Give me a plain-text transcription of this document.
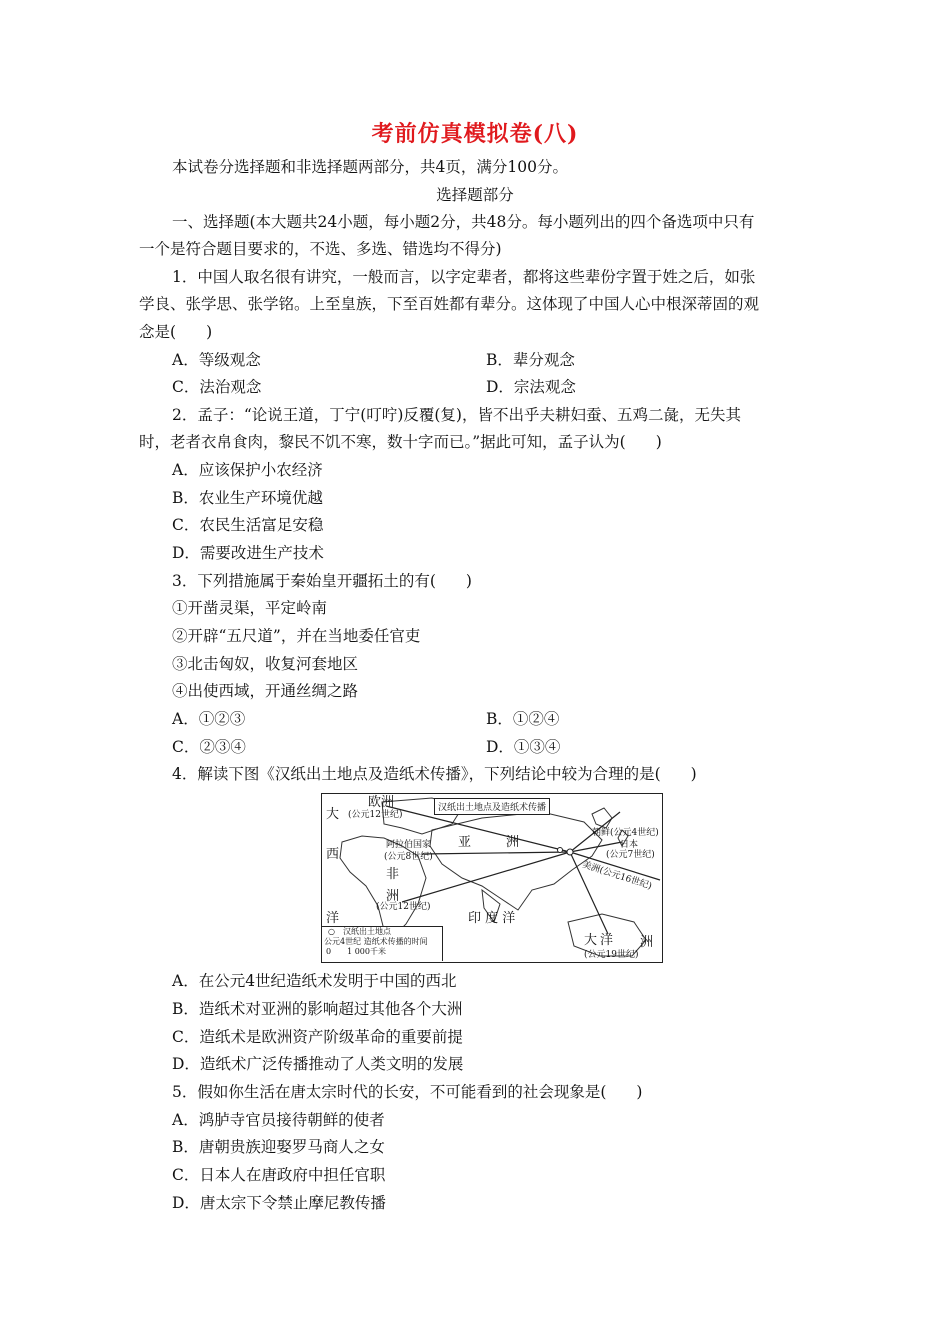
考前仿真模拟卷(八)
本试卷分选择题和非选择题两部分，共4页，满分100分。
选择题部分
一、选择题(本大题共24小题，每小题2分，共48分。每小题列出的四个备选项中只有
一个是符合题目要求的，不选、多选、错选均不得分)
1．中国人取名很有讲究，一般而言，以字定辈者，都将这些辈份字置于姓之后，如张
学良、张学思、张学铭。上至皇族，下至百姓都有辈分。这体现了中国人心中根深蒂固的观
念是( )
A．等级观念	B．辈分观念
C．法治观念	D．宗法观念
2．孟子：“论说王道，丁宁(叮咛)反覆(复)，皆不出乎夫耕妇蚕、五鸡二彘，无失其
时，老者衣帛食肉，黎民不饥不寒，数十字而已。”据此可知，孟子认为( )
A．应该保护小农经济
B．农业生产环境优越
C．农民生活富足安稳
D．需要改进生产技术
3．下列措施属于秦始皇开疆拓土的有( )
①开凿灵渠，平定岭南
②开辟“五尺道”，并在当地委任官吏
③北击匈奴，收复河套地区
④出使西域，开通丝绸之路
A．①②③	B．①②④
C．②③④	D．①③④
4．解读下图《汉纸出土地点及造纸术传播》，下列结论中较为合理的是( )
汉纸出土地点及造纸术传播
欧洲
(公元12世纪)
大
西
洋
阿拉伯国家
(公元8世纪)
非
洲
(公元12世纪)
亚	洲
朝鲜(公元4世纪)
日本
(公元7世纪)
美洲(公元16世纪)
印 度 洋
大 洋 洲
(公元19世纪)
○　汉纸出土地点
公元4世纪 造纸术传播的时间
0　　1 000千米
A．在公元4世纪造纸术发明于中国的西北
B．造纸术对亚洲的影响超过其他各个大洲
C．造纸术是欧洲资产阶级革命的重要前提
D．造纸术广泛传播推动了人类文明的发展
5．假如你生活在唐太宗时代的长安，不可能看到的社会现象是( )
A．鸿胪寺官员接待朝鲜的使者
B．唐朝贵族迎娶罗马商人之女
C．日本人在唐政府中担任官职
D．唐太宗下令禁止摩尼教传播
